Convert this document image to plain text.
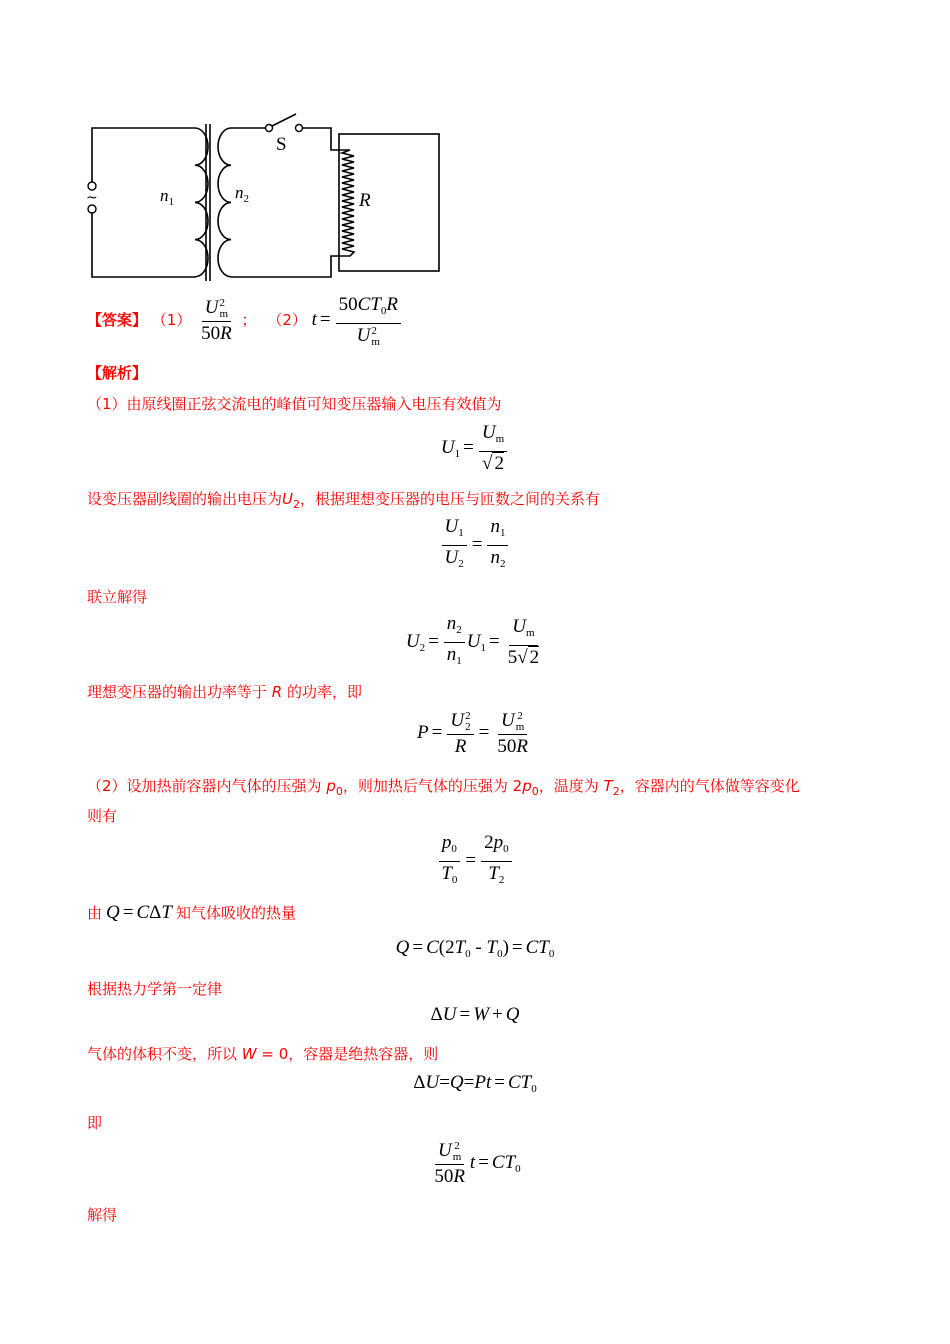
~	$n_1$	$n_2$
S
R
【答案】 （1） U 2
m
50R ； （2） $t = 50CT_0R$
U 2
m
【解析】
（1）由原线圈正弦交流电的峰值可知变压器输入电压有效值为
$U_1 = \frac{U_m}{√ 2}$
设变压器副线圈的输出电压为$U_2$，根据理想变压器的电压与匝数之间的关系有
$\frac{U_1}{U_2} = \frac{n_1}{n_2}$
联立解得
$U_2 = \frac{n_2}{n_1} U_1 = \frac{U_m}{5√ 2}$
理想变压器的输出功率等于 R 的功率，即
P = U 2
2
R = U 2
m
50R
（2）设加热前容器内气体的压强为 $p_0$，则加热后气体的压强为 $2p_0$，温度为 $T_2$，容器内的气体做等容变化
则有
$\frac{p_0}{T_0} = \frac{2p_0}{T_2}$
由 Q = CΔT 知气体吸收的热量
$Q = C(2T_0 - T_0) = CT_0$
根据热力学第一定律
ΔU = W + Q
气体的体积不变，所以 W = 0，容器是绝热容器，则
$\Delta U=Q=Pt = CT_0$
即
U 2
m
50R $t = CT_0$
解得
